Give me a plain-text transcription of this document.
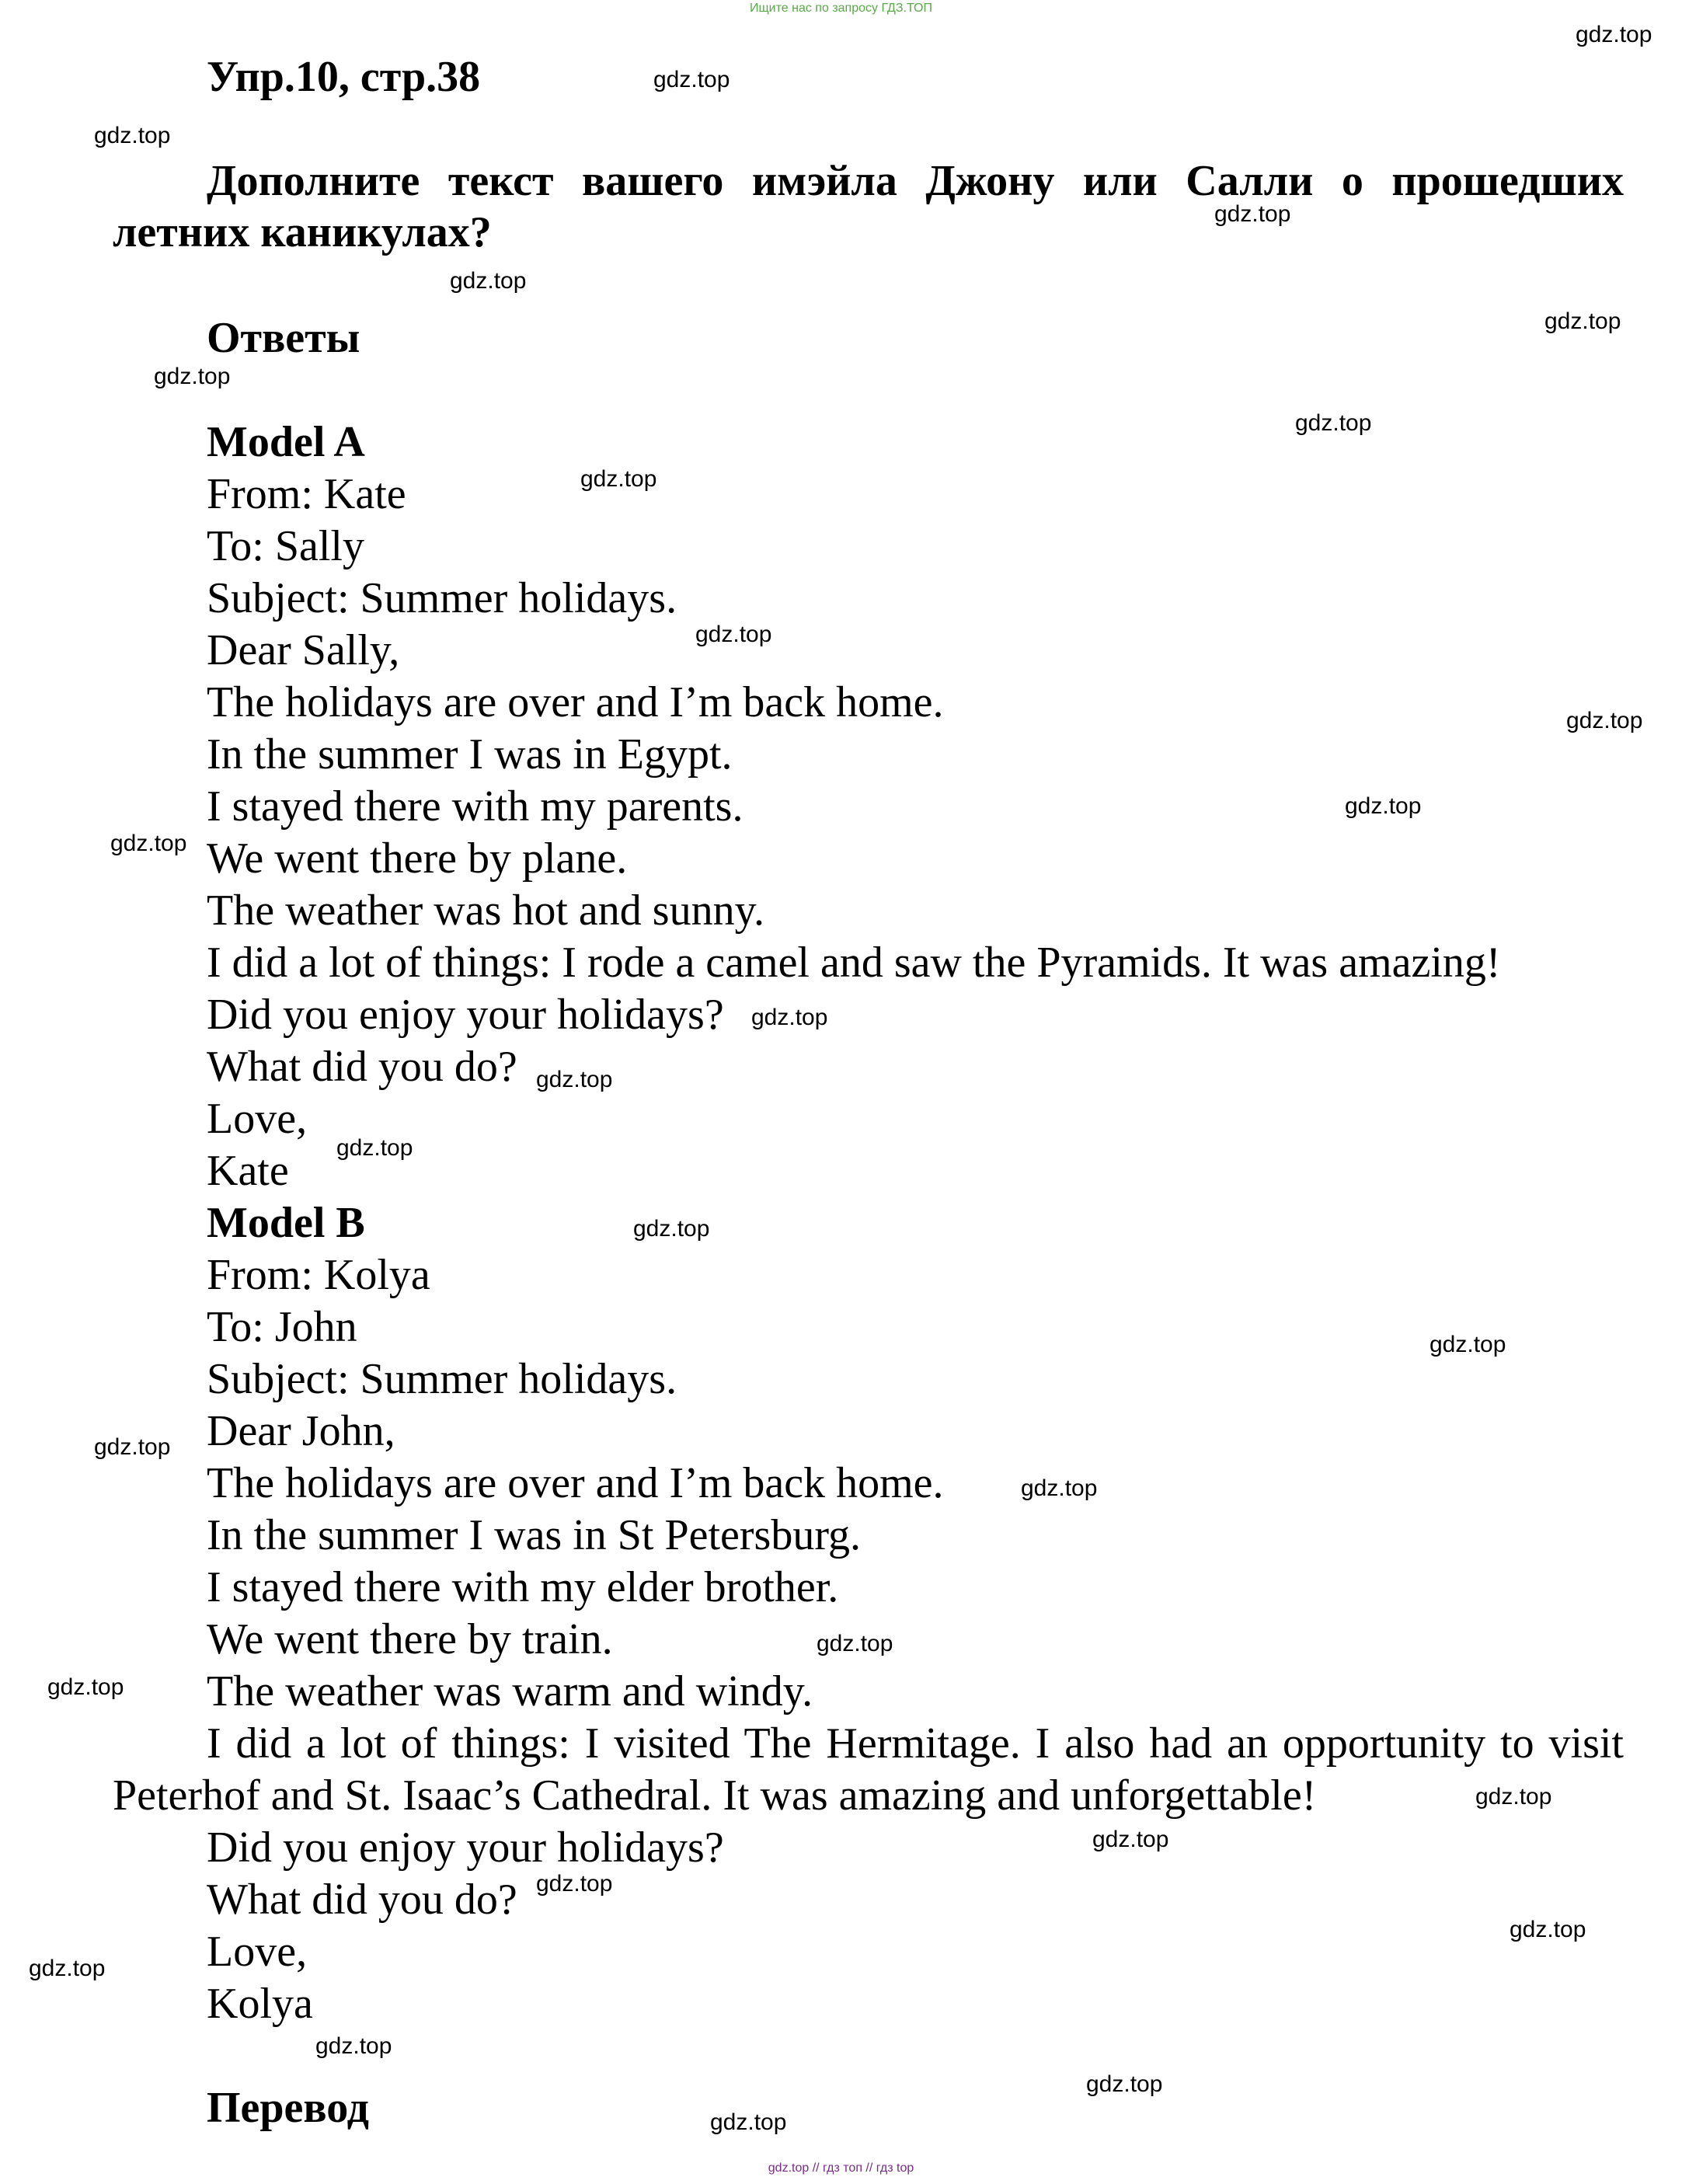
Ищите нас по запросу ГДЗ.ТОП
Упр.10, стр.38
Дополните текст вашего имэйла Джону или Салли о прошедших летних каникулах?
Ответы
Model A
From: Kate
To: Sally
Subject: Summer holidays.
Dear Sally,
The holidays are over and I’m back home.
In the summer I was in Egypt.
I stayed there with my parents.
We went there by plane.
The weather was hot and sunny.
I did a lot of things: I rode a camel and saw the Pyramids. It was amazing!
Did you enjoy your holidays?
What did you do?
Love,
Kate
Model B
From: Kolya
To: John
Subject: Summer holidays.
Dear John,
The holidays are over and I’m back home.
In the summer I was in St Petersburg.
I stayed there with my elder brother.
We went there by train.
The weather was warm and windy.
I did a lot of things: I visited The Hermitage. I also had an opportunity to visit Peterhof and St. Isaac’s Cathedral. It was amazing and unforgettable!
Did you enjoy your holidays?
What did you do?
Love,
Kolya
Перевод
gdz.top
gdz.top
gdz.top
gdz.top
gdz.top
gdz.top
gdz.top
gdz.top
gdz.top
gdz.top
gdz.top
gdz.top
gdz.top
gdz.top
gdz.top
gdz.top
gdz.top
gdz.top
gdz.top
gdz.top
gdz.top
gdz.top
gdz.top
gdz.top
gdz.top
gdz.top
gdz.top
gdz.top
gdz.top
gdz.top
gdz.top // гдз топ // гдз top
